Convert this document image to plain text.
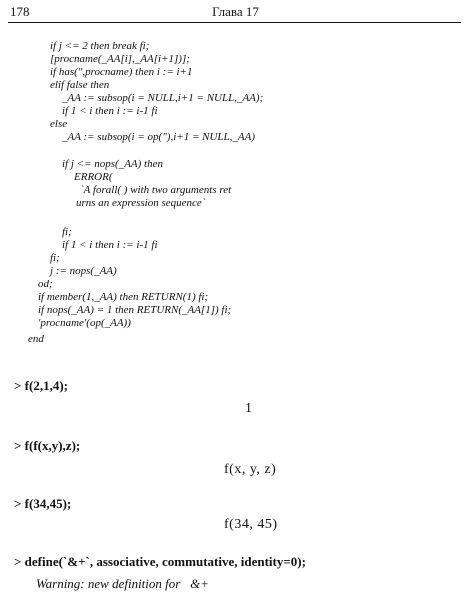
178	Глава 17
if j <= 2 then break fi;
[procname(_AA[i],_AA[i+1])];
if has(",procname) then i := i+1
elif false then
_AA := subsop(i = NULL,i+1 = NULL,_AA);
if 1 < i then i := i-1 fi
else
_AA := subsop(i = op("),i+1 = NULL,_AA)
if j <= nops(_AA) then
ERROR(
`A forall( ) with two arguments ret
urns an expression sequence`
fi;
if 1 < i then i := i-1 fi
fi;
j := nops(_AA)
od;
if member(1,_AA) then RETURN(1) fi;
if nops(_AA) = 1 then RETURN(_AA[1]) fi;
'procname'(op(_AA))
end
> f(2,1,4);
1
> f(f(x,y),z);
f(x, y, z)
> f(34,45);
f(34, 45)
> define(`&+`, associative, commutative, identity=0);
Warning: new definition for   &+
